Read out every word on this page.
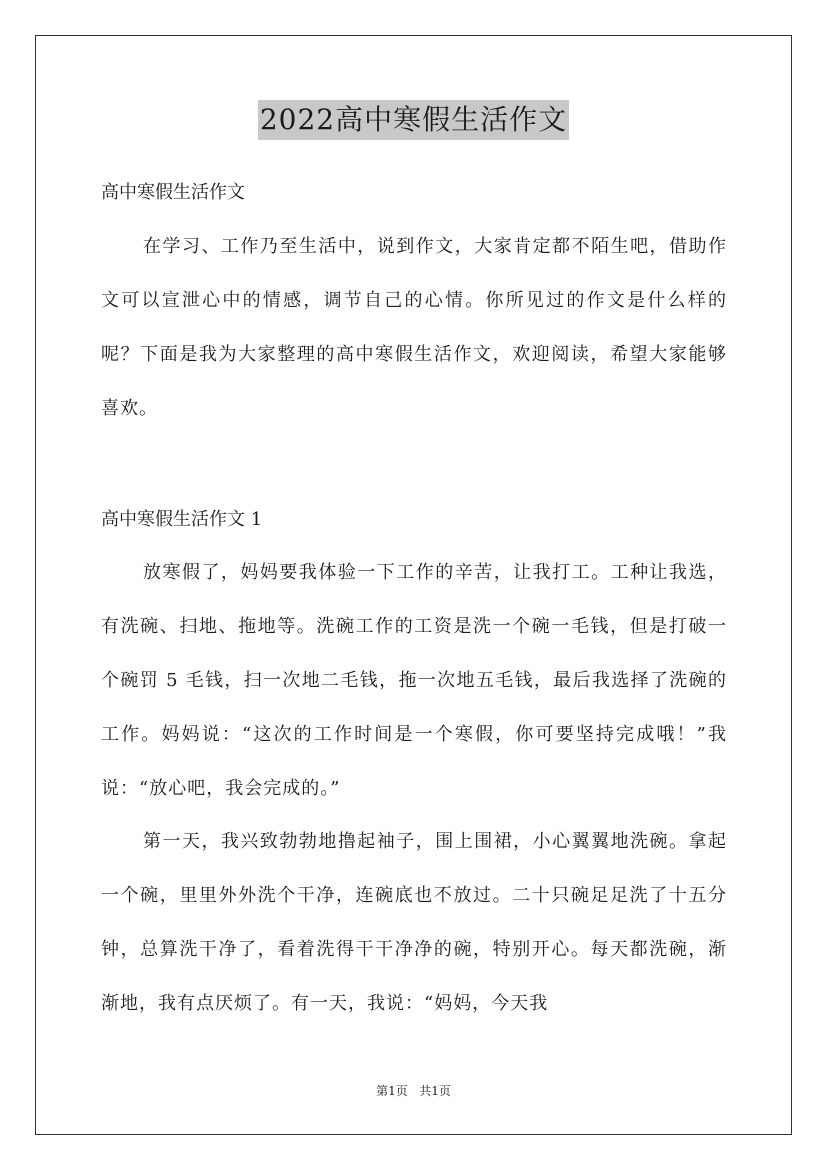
2022高中寒假生活作文
高中寒假生活作文

在学习、工作乃至生活中，说到作文，大家肯定都不陌生吧，借助作文可以宣泄心中的情感，调节自己的心情。你所见过的作文是什么样的呢？下面是我为大家整理的高中寒假生活作文，欢迎阅读，希望大家能够喜欢。

高中寒假生活作文 1

放寒假了，妈妈要我体验一下工作的辛苦，让我打工。工种让我选，有洗碗、扫地、拖地等。洗碗工作的工资是洗一个碗一毛钱，但是打破一个碗罚 5 毛钱，扫一次地二毛钱，拖一次地五毛钱，最后我选择了洗碗的工作。妈妈说：“这次的工作时间是一个寒假，你可要坚持完成哦！”我说：“放心吧，我会完成的。”

第一天，我兴致勃勃地撸起袖子，围上围裙，小心翼翼地洗碗。拿起一个碗，里里外外洗个干净，连碗底也不放过。二十只碗足足洗了十五分钟，总算洗干净了，看着洗得干干净净的碗，特别开心。每天都洗碗，渐渐地，我有点厌烦了。有一天，我说：“妈妈，今天我

第1页   共1页
